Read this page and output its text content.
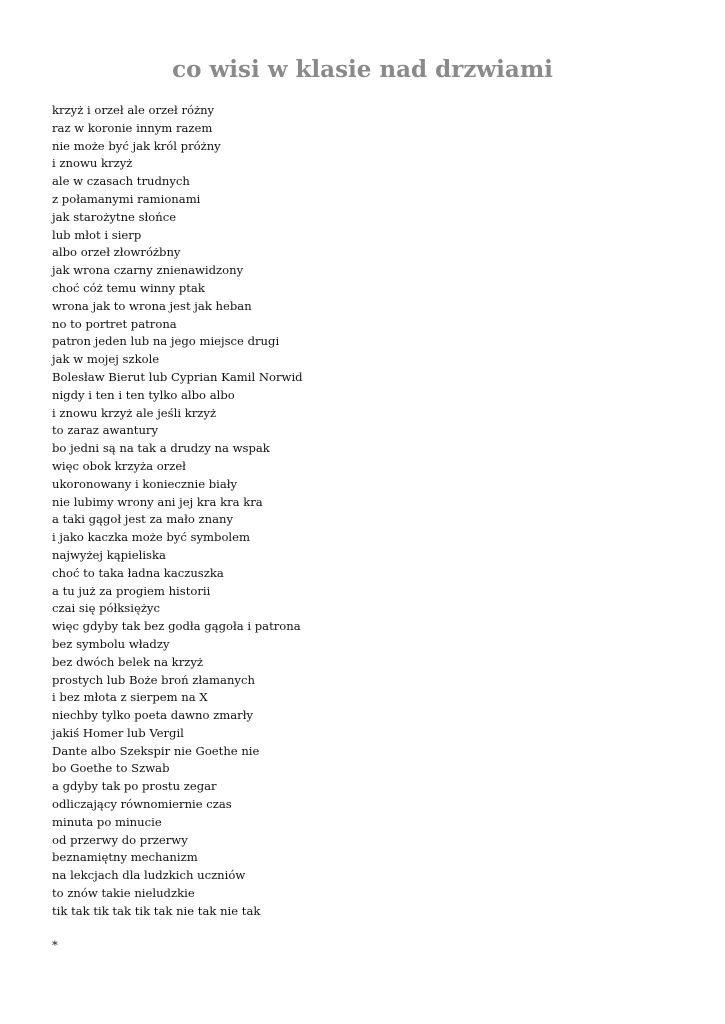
co wisi w klasie nad drzwiami
krzyż i orzeł ale orzeł różny
raz w koronie innym razem
nie może być jak król próżny
i znowu krzyż
ale w czasach trudnych
z połamanymi ramionami
jak starożytne słońce
lub młot i sierp
albo orzeł złowróżbny
jak wrona czarny znienawidzony
choć cóż temu winny ptak
wrona jak to wrona jest jak heban
no to portret patrona
patron jeden lub na jego miejsce drugi
jak w mojej szkole
Bolesław Bierut lub Cyprian Kamil Norwid
nigdy i ten i ten tylko albo albo
i znowu krzyż ale jeśli krzyż
to zaraz awantury
bo jedni są na tak a drudzy na wspak
więc obok krzyża orzeł
ukoronowany i koniecznie biały
nie lubimy wrony ani jej kra kra kra
a taki gągoł jest za mało znany
i jako kaczka może być symbolem
najwyżej kąpieliska
choć to taka ładna kaczuszka
a tu już za progiem historii
czai się półksiężyc
więc gdyby tak bez godła gągoła i patrona
bez symbolu władzy
bez dwóch belek na krzyż
prostych lub Boże broń złamanych
i bez młota z sierpem na X
niechby tylko poeta dawno zmarły
jakiś Homer lub Vergil
Dante albo Szekspir nie Goethe nie
bo Goethe to Szwab
a gdyby tak po prostu zegar
odliczający równomiernie czas
minuta po minucie
od przerwy do przerwy
beznamiętny mechanizm
na lekcjach dla ludzkich uczniów
to znów takie nieludzkie
tik tak tik tak tik tak nie tak nie tak
*
